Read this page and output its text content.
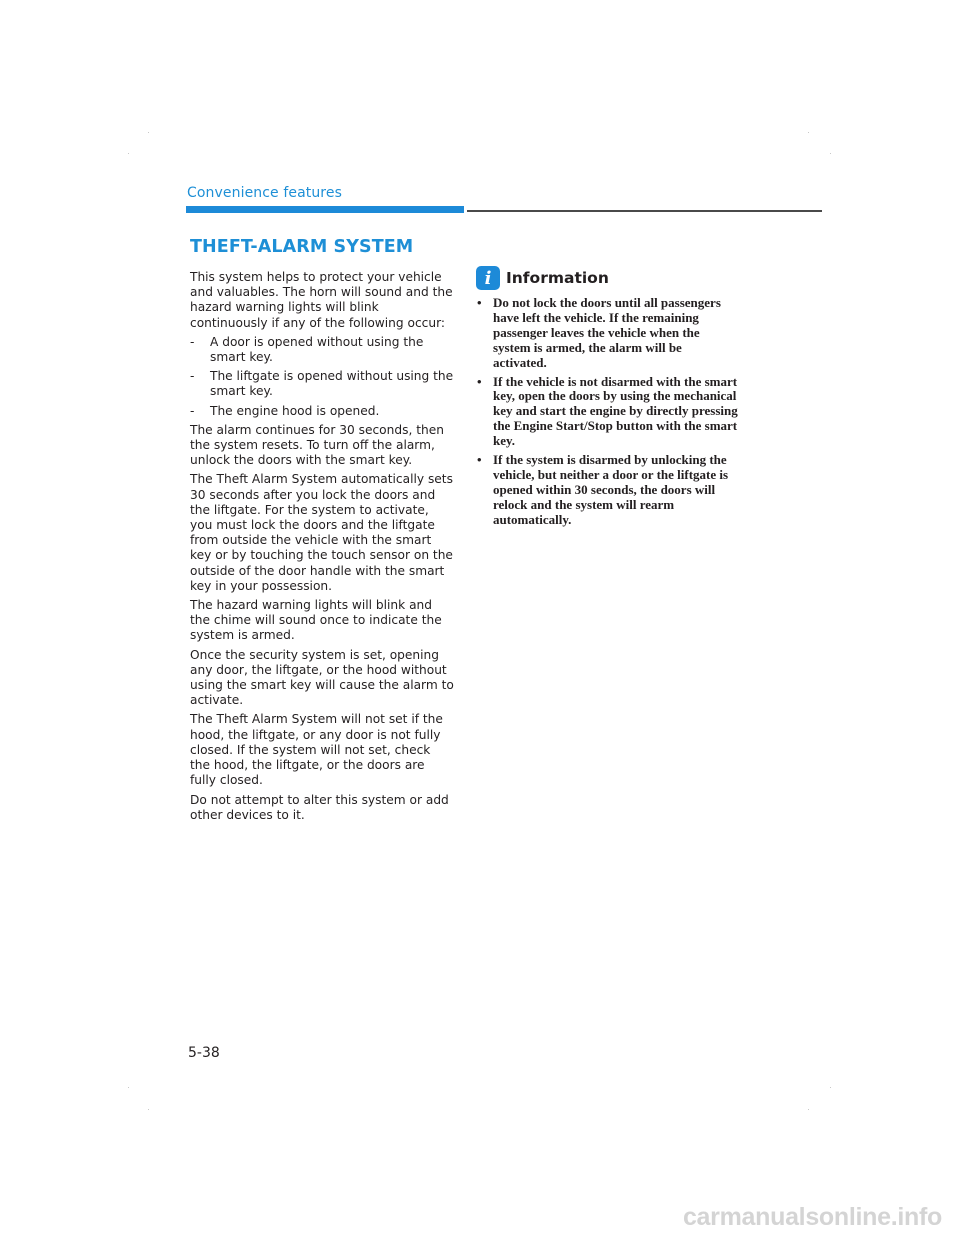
Convenience features
THEFT-ALARM SYSTEM

This system helps to protect your vehicle and valuables. The horn will sound and the hazard warning lights will blink continuously if any of the following occur:

- A door is opened without using the smart key.
- The liftgate is opened without using the smart key.
- The engine hood is opened.

The alarm continues for 30 seconds, then the system resets. To turn off the alarm, unlock the doors with the smart key.

The Theft Alarm System automatically sets 30 seconds after you lock the doors and the liftgate. For the system to activate, you must lock the doors and the liftgate from outside the vehicle with the smart key or by touching the touch sensor on the outside of the door handle with the smart key in your possession.

The hazard warning lights will blink and the chime will sound once to indicate the system is armed.

Once the security system is set, opening any door, the liftgate, or the hood without using the smart key will cause the alarm to activate.

The Theft Alarm System will not set if the hood, the liftgate, or any door is not fully closed. If the system will not set, check the hood, the liftgate, or the doors are fully closed.

Do not attempt to alter this system or add other devices to it.

i Information
• Do not lock the doors until all passengers have left the vehicle. If the remaining passenger leaves the vehicle when the system is armed, the alarm will be activated.
• If the vehicle is not disarmed with the smart key, open the doors by using the mechanical key and start the engine by directly pressing the Engine Start/Stop button with the smart key.
• If the system is disarmed by unlocking the vehicle, but neither a door or the liftgate is opened within 30 seconds, the doors will relock and the system will rearm automatically.
5-38
carmanualsonline.info
